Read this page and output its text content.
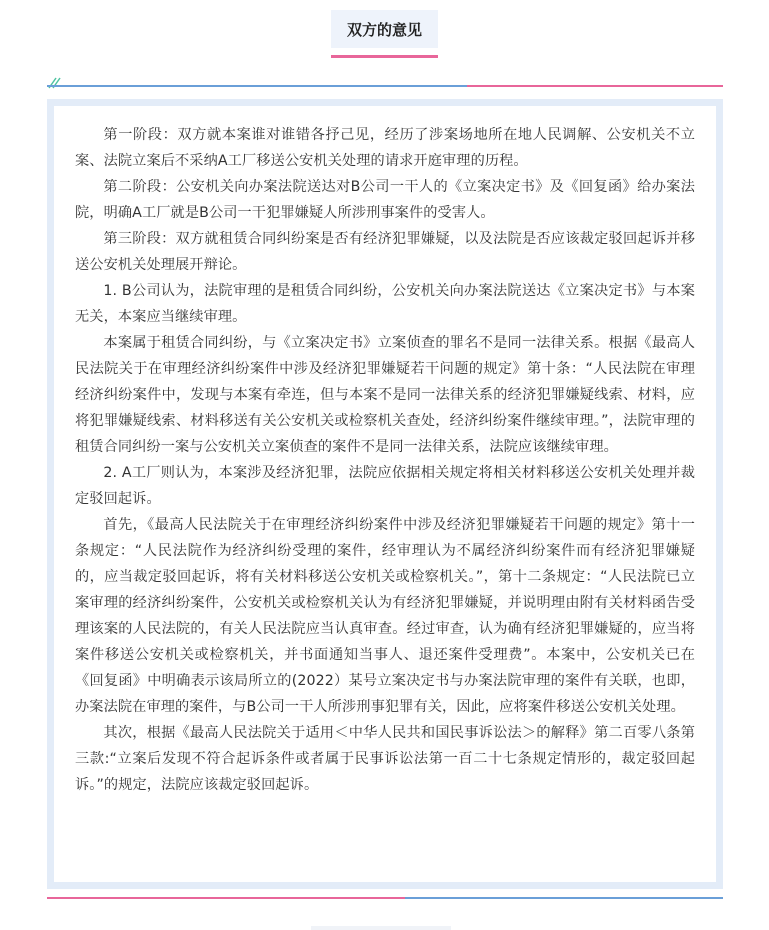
双方的意见

第一阶段：双方就本案谁对谁错各抒己见，经历了涉案场地所在地人民调解、公安机关不立案、法院立案后不采纳A工厂移送公安机关处理的请求开庭审理的历程。

第二阶段：公安机关向办案法院送达对B公司一干人的《立案决定书》及《回复函》给办案法院，明确A工厂就是B公司一干犯罪嫌疑人所涉刑事案件的受害人。

第三阶段：双方就租赁合同纠纷案是否有经济犯罪嫌疑，以及法院是否应该裁定驳回起诉并移送公安机关处理展开辩论。

1. B公司认为，法院审理的是租赁合同纠纷，公安机关向办案法院送达《立案决定书》与本案无关，本案应当继续审理。

本案属于租赁合同纠纷，与《立案决定书》立案侦查的罪名不是同一法律关系。根据《最高人民法院关于在审理经济纠纷案件中涉及经济犯罪嫌疑若干问题的规定》第十条：“人民法院在审理经济纠纷案件中，发现与本案有牵连，但与本案不是同一法律关系的经济犯罪嫌疑线索、材料，应将犯罪嫌疑线索、材料移送有关公安机关或检察机关查处，经济纠纷案件继续审理。”，法院审理的租赁合同纠纷一案与公安机关立案侦查的案件不是同一法律关系，法院应该继续审理。

2. A工厂则认为，本案涉及经济犯罪，法院应依据相关规定将相关材料移送公安机关处理并裁定驳回起诉。

首先，《最高人民法院关于在审理经济纠纷案件中涉及经济犯罪嫌疑若干问题的规定》第十一条规定：“人民法院作为经济纠纷受理的案件，经审理认为不属经济纠纷案件而有经济犯罪嫌疑的，应当裁定驳回起诉，将有关材料移送公安机关或检察机关。”，第十二条规定：“人民法院已立案审理的经济纠纷案件，公安机关或检察机关认为有经济犯罪嫌疑，并说明理由附有关材料函告受理该案的人民法院的，有关人民法院应当认真审查。经过审查，认为确有经济犯罪嫌疑的，应当将案件移送公安机关或检察机关，并书面通知当事人、退还案件受理费”。本案中，公安机关已在《回复函》中明确表示该局所立的(2022）某号立案决定书与办案法院审理的案件有关联，也即，办案法院在审理的案件，与B公司一干人所涉刑事犯罪有关，因此，应将案件移送公安机关处理。

其次，根据《最高人民法院关于适用＜中华人民共和国民事诉讼法＞的解释》第二百零八条第三款:“立案后发现不符合起诉条件或者属于民事诉讼法第一百二十七条规定情形的，裁定驳回起诉。”的规定，法院应该裁定驳回起诉。
